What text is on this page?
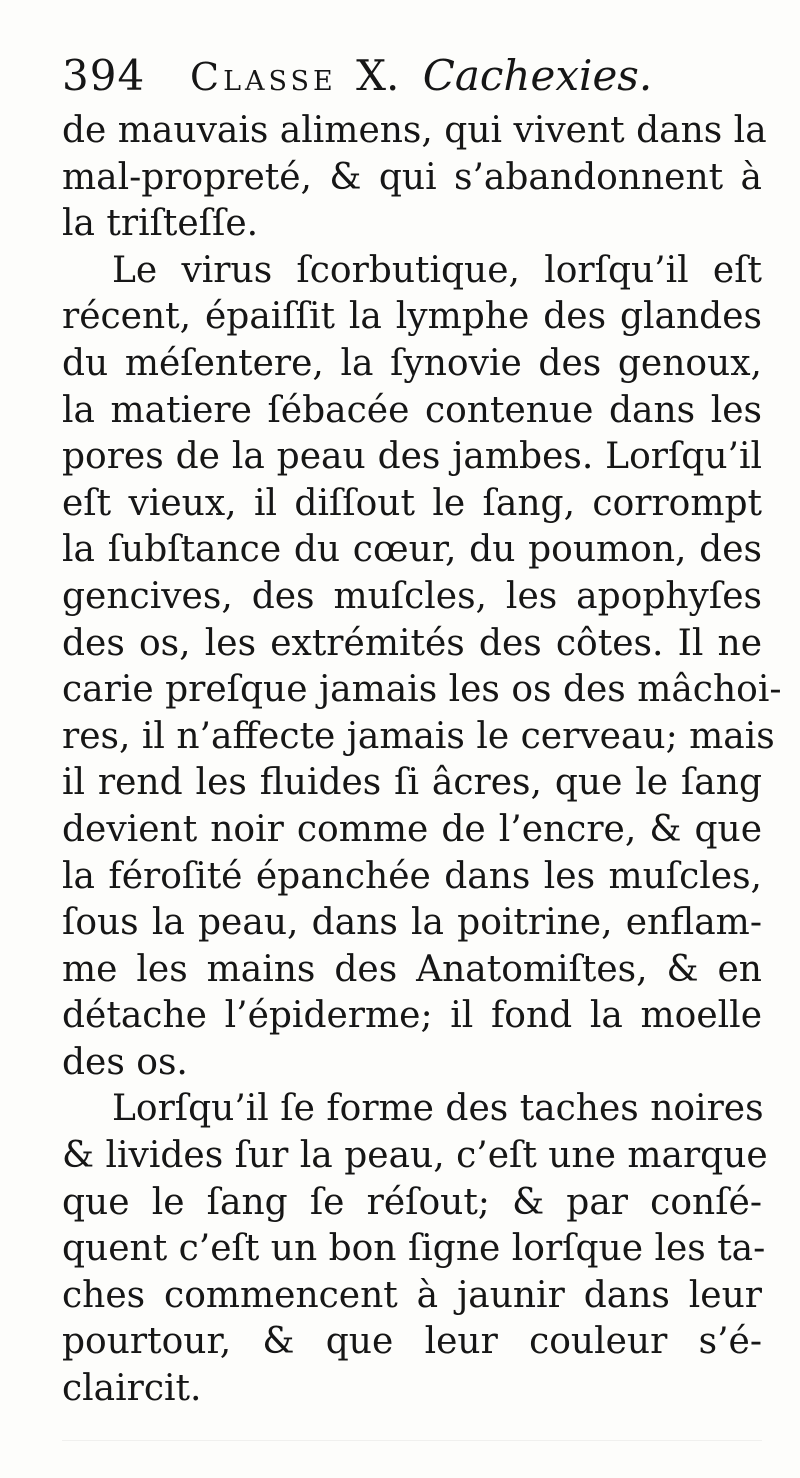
394 Classe X. Cachexies.
de mauvais alimens, qui vivent dans la
mal-propreté, & qui s’abandonnent à
la triſteſſe.
Le virus ſcorbutique, lorſqu’il eſt
récent, épaiſſit la lymphe des glandes
du méſentere, la ſynovie des genoux,
la matiere ſébacée contenue dans les
pores de la peau des jambes. Lorſqu’il
eſt vieux, il diſſout le ſang, corrompt
la ſubſtance du cœur, du poumon, des
gencives, des muſcles, les apophyſes
des os, les extrémités des côtes. Il ne
carie preſque jamais les os des mâchoi-
res, il n’affecte jamais le cerveau; mais
il rend les fluides ſi âcres, que le ſang
devient noir comme de l’encre, & que
la féroſité épanchée dans les muſcles,
ſous la peau, dans la poitrine, enflam-
me les mains des Anatomiſtes, & en
détache l’épiderme; il fond la moelle
des os.
Lorſqu’il ſe forme des taches noires
& livides ſur la peau, c’eſt une marque
que le ſang ſe réſout; & par conſé-
quent c’eſt un bon ſigne lorſque les ta-
ches commencent à jaunir dans leur
pourtour, & que leur couleur s’é-
claircit.
